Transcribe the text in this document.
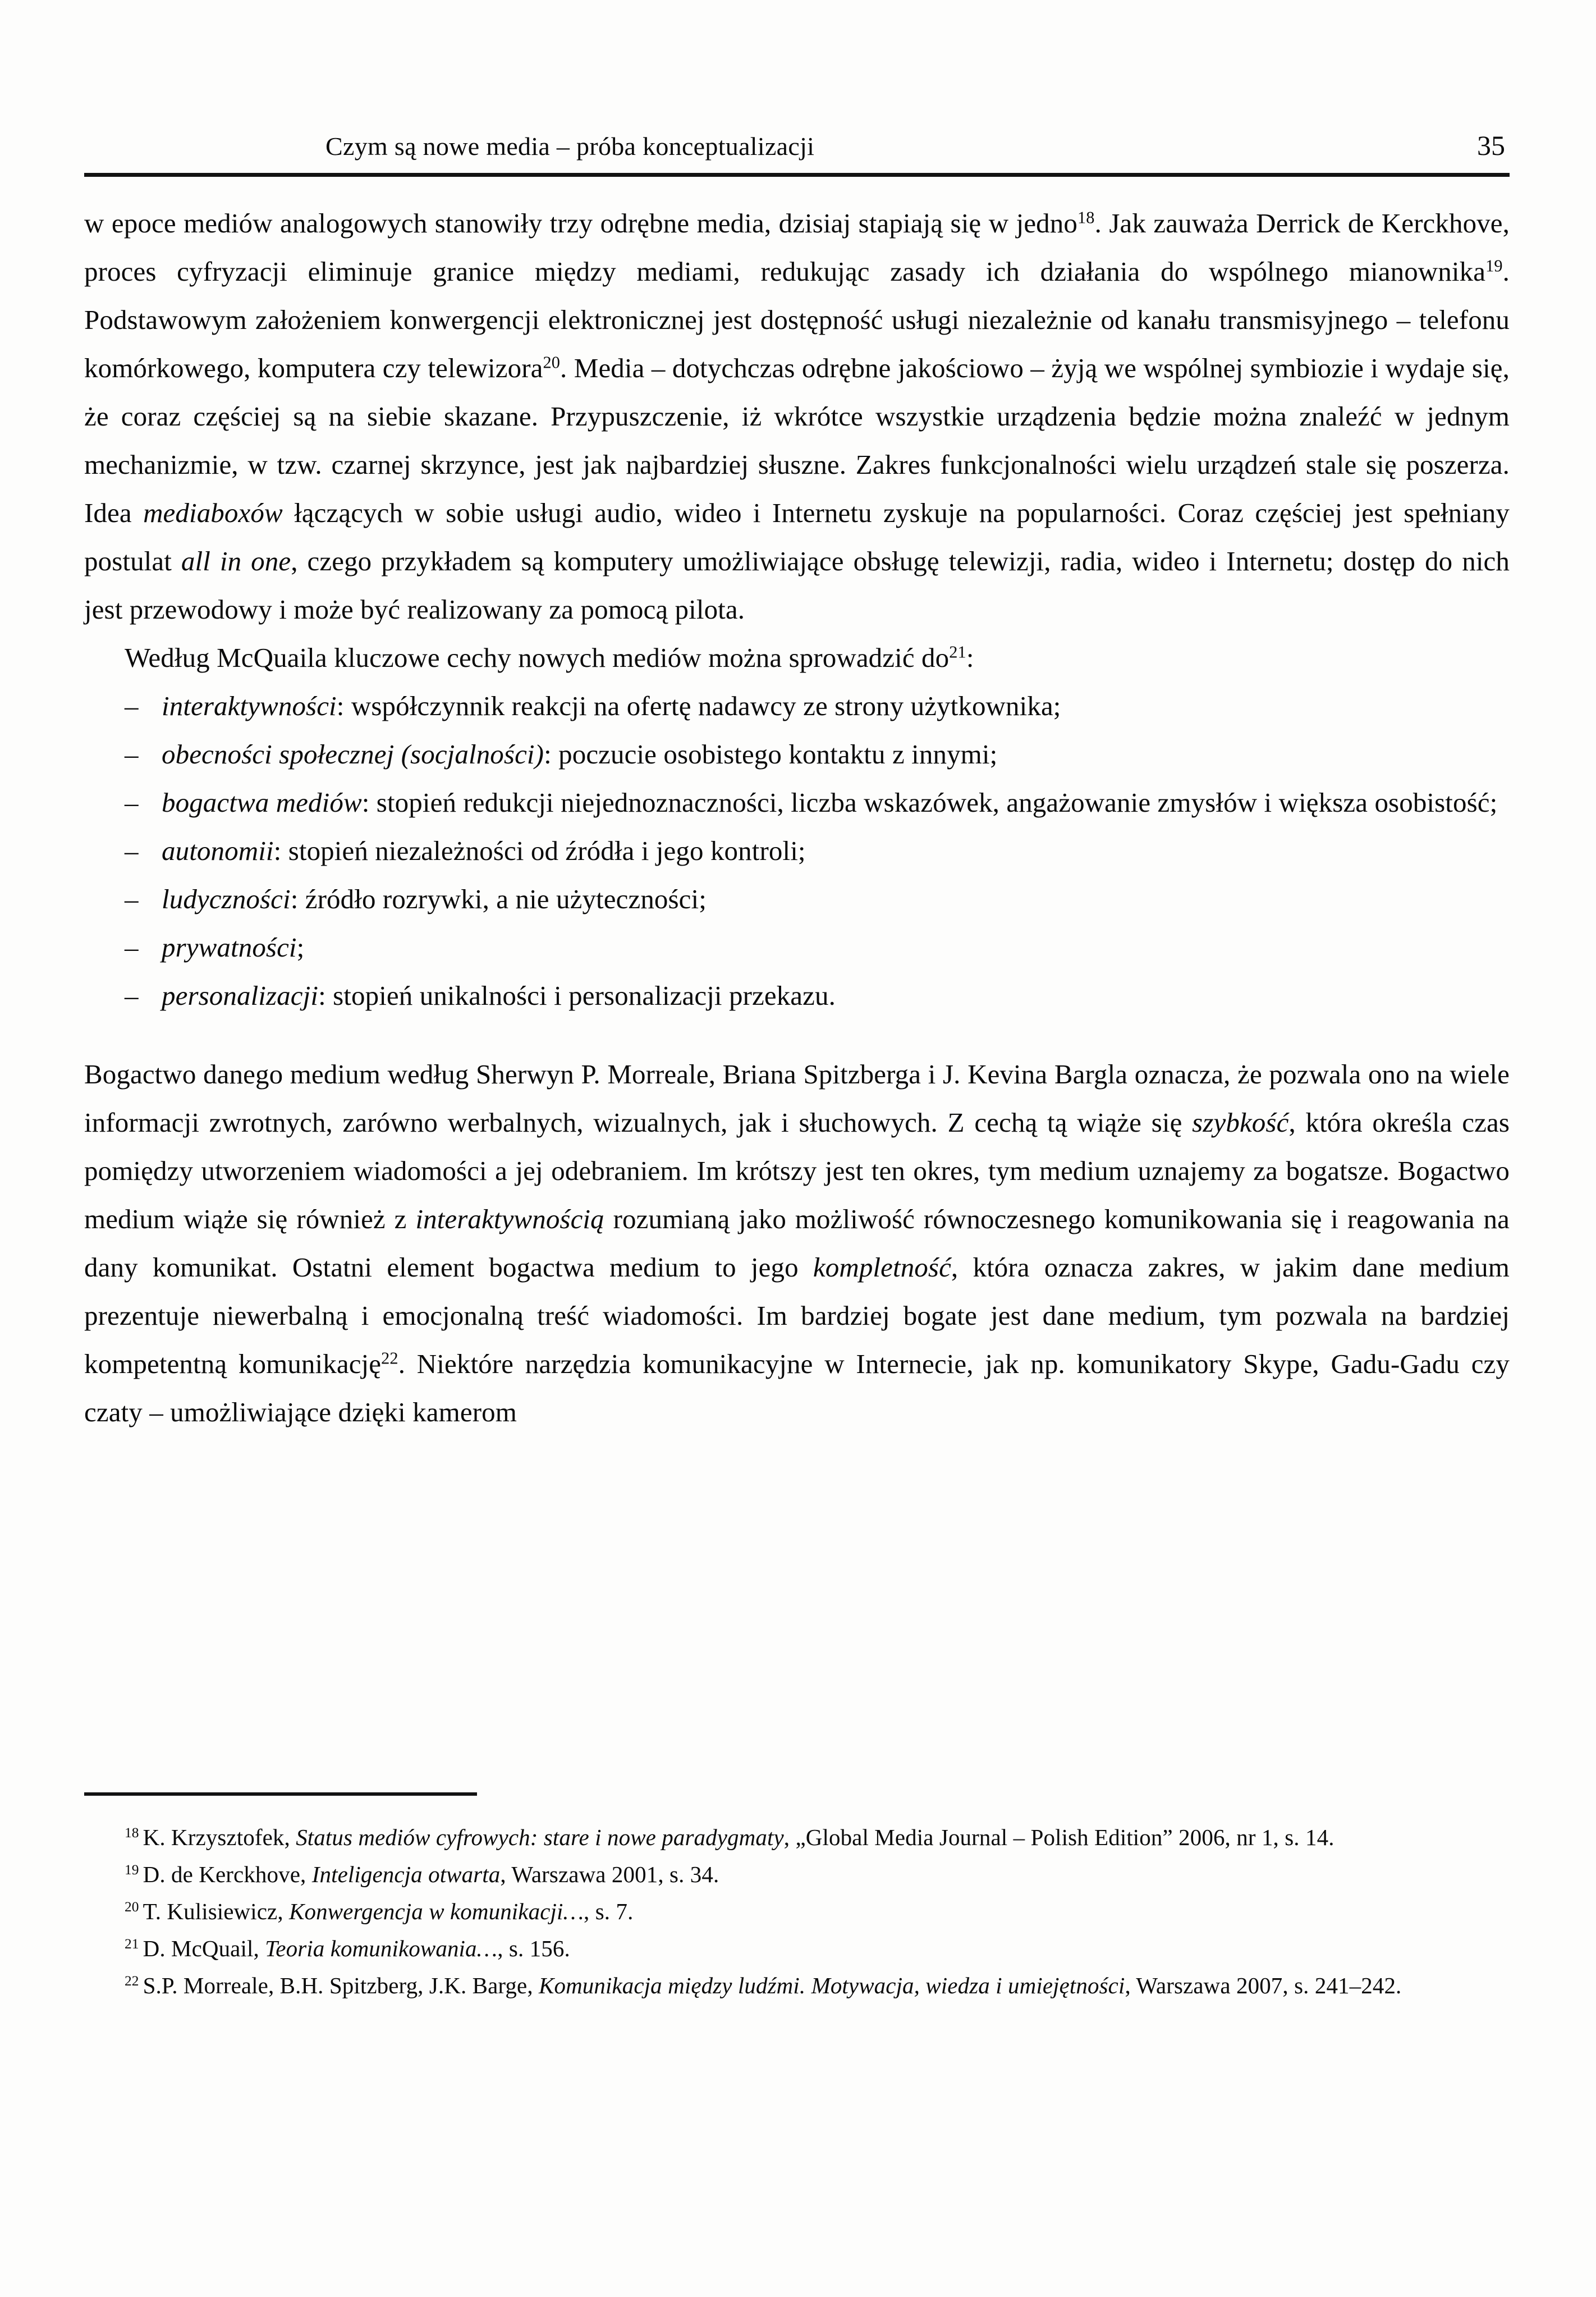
Czym są nowe media – próba konceptualizacji	35

w epoce mediów analogowych stanowiły trzy odrębne media, dzisiaj stapiają się w jedno$^{18}$. Jak zauważa Derrick de Kerckhove, proces cyfryzacji eliminuje granice między mediami, redukując zasady ich działania do wspólnego mianownika$^{19}$. Podstawowym założeniem konwergencji elektronicznej jest dostępność usługi niezależnie od kanału transmisyjnego – telefonu komórkowego, komputera czy telewizora$^{20}$. Media – dotychczas odrębne jakościowo – żyją we wspólnej symbiozie i wydaje się, że coraz częściej są na siebie skazane. Przypuszczenie, iż wkrótce wszystkie urządzenia będzie można znaleźć w jednym mechanizmie, w tzw. czarnej skrzynce, jest jak najbardziej słuszne. Zakres funkcjonalności wielu urządzeń stale się poszerza. Idea mediaboxów łączących w sobie usługi audio, wideo i Internetu zyskuje na popularności. Coraz częściej jest spełniany postulat all in one, czego przykładem są komputery umożliwiające obsługę telewizji, radia, wideo i Internetu; dostęp do nich jest przewodowy i może być realizowany za pomocą pilota.

Według McQuaila kluczowe cechy nowych mediów można sprowadzić $do^{21}$:

– interaktywności: współczynnik reakcji na ofertę nadawcy ze strony użytkownika;
– obecności społecznej (socjalności): poczucie osobistego kontaktu z innymi;
– bogactwa mediów: stopień redukcji niejednoznaczności, liczba wskazówek, angażowanie zmysłów i większa osobistość;
– autonomii: stopień niezależności od źródła i jego kontroli;
– ludyczności: źródło rozrywki, a nie użyteczności;
– prywatności;
– personalizacji: stopień unikalności i personalizacji przekazu.

Bogactwo danego medium według Sherwyn P. Morreale, Briana Spitzberga i J. Kevina Bargla oznacza, że pozwala ono na wiele informacji zwrotnych, zarówno werbalnych, wizualnych, jak i słuchowych. Z cechą tą wiąże się szybkość, która określa czas pomiędzy utworzeniem wiadomości a jej odebraniem. Im krótszy jest ten okres, tym medium uznajemy za bogatsze. Bogactwo medium wiąże się również z interaktywnością rozumianą jako możliwość równoczesnego komunikowania się i reagowania na dany komunikat. Ostatni element bogactwa medium to jego kompletność, która oznacza zakres, w jakim dane medium prezentuje niewerbalną i emocjonalną treść wiadomości. Im bardziej bogate jest dane medium, tym pozwala na bardziej kompetentną komunikację$^{22}$. Niektóre narzędzia komunikacyjne w Internecie, jak np. komunikatory Skype, Gadu-Gadu czy czaty – umożliwiające dzięki kamerom

$^{18}$ K. Krzysztofek, Status mediów cyfrowych: stare i nowe paradygmaty, „Global Media Journal – Polish Edition” 2006, nr 1, s. 14.

$^{19}$ D. de Kerckhove, Inteligencja otwarta, Warszawa 2001, s. 34.

$^{20}$ T. Kulisiewicz, Konwergencja w komunikacji…, s. 7.

$^{21}$ D. McQuail, Teoria komunikowania…, s. 156.

$^{22}$ S.P. Morreale, B.H. Spitzberg, J.K. Barge, Komunikacja między ludźmi. Motywacja, wiedza i umiejętności, Warszawa 2007, s. 241–242.
